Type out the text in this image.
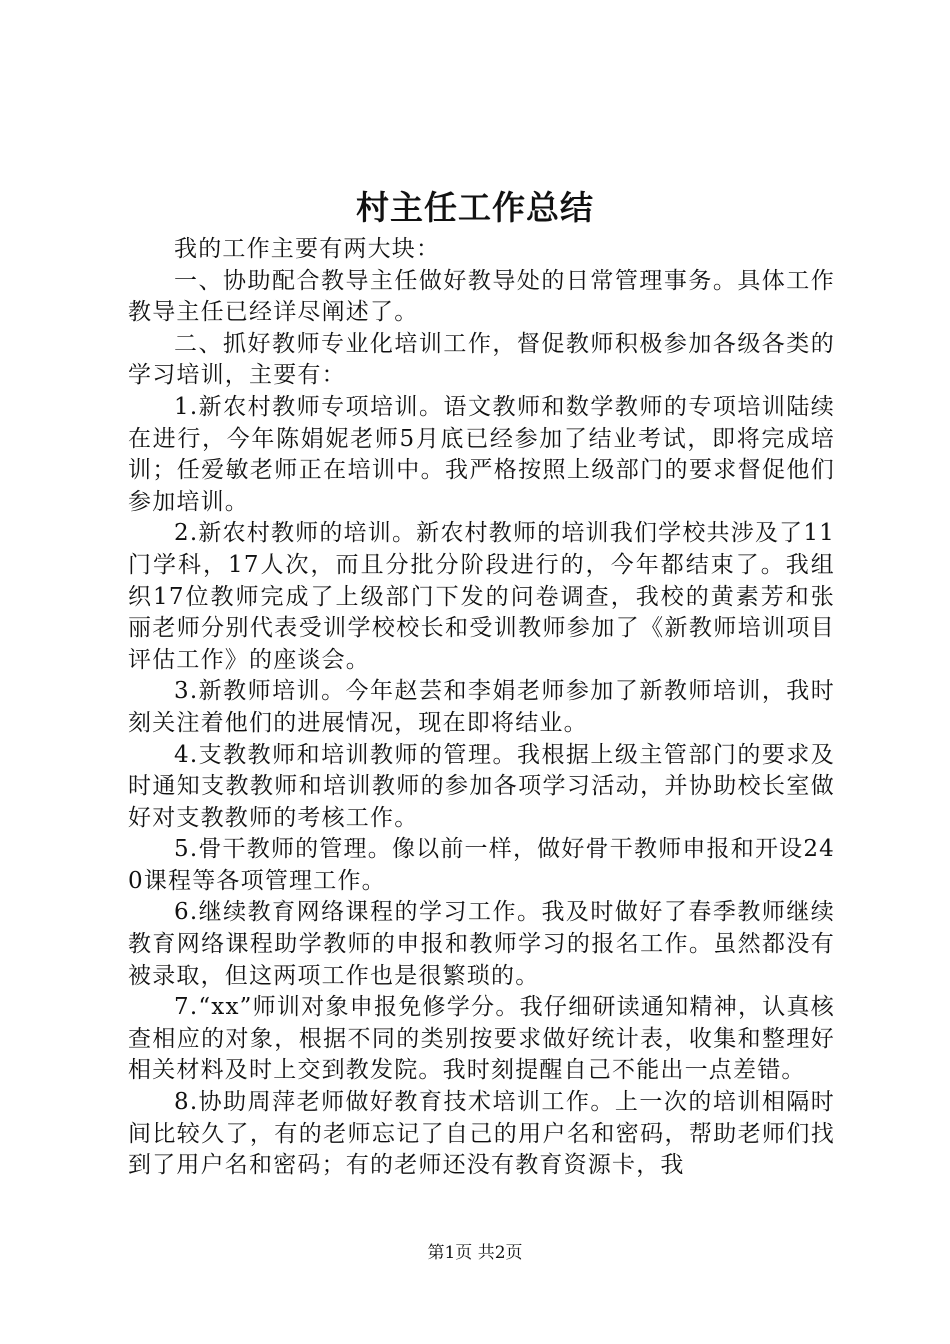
村主任工作总结

我的工作主要有两大块：

一、协助配合教导主任做好教导处的日常管理事务。具体工作教导主任已经详尽阐述了。

二、抓好教师专业化培训工作，督促教师积极参加各级各类的学习培训，主要有：

1.新农村教师专项培训。语文教师和数学教师的专项培训陆续在进行，今年陈娟妮老师5月底已经参加了结业考试，即将完成培训；任爱敏老师正在培训中。我严格按照上级部门的要求督促他们参加培训。

2.新农村教师的培训。新农村教师的培训我们学校共涉及了11门学科，17人次，而且分批分阶段进行的，今年都结束了。我组织17位教师完成了上级部门下发的问卷调查，我校的黄素芳和张丽老师分别代表受训学校校长和受训教师参加了《新教师培训项目评估工作》的座谈会。

3.新教师培训。今年赵芸和李娟老师参加了新教师培训，我时刻关注着他们的进展情况，现在即将结业。

4.支教教师和培训教师的管理。我根据上级主管部门的要求及时通知支教教师和培训教师的参加各项学习活动，并协助校长室做好对支教教师的考核工作。

5.骨干教师的管理。像以前一样，做好骨干教师申报和开设240课程等各项管理工作。

6.继续教育网络课程的学习工作。我及时做好了春季教师继续教育网络课程助学教师的申报和教师学习的报名工作。虽然都没有被录取，但这两项工作也是很繁琐的。

7.“xx”师训对象申报免修学分。我仔细研读通知精神，认真核查相应的对象，根据不同的类别按要求做好统计表，收集和整理好相关材料及时上交到教发院。我时刻提醒自己不能出一点差错。

8.协助周萍老师做好教育技术培训工作。上一次的培训相隔时间比较久了，有的老师忘记了自己的用户名和密码，帮助老师们找到了用户名和密码；有的老师还没有教育资源卡，我

第1页 共2页
